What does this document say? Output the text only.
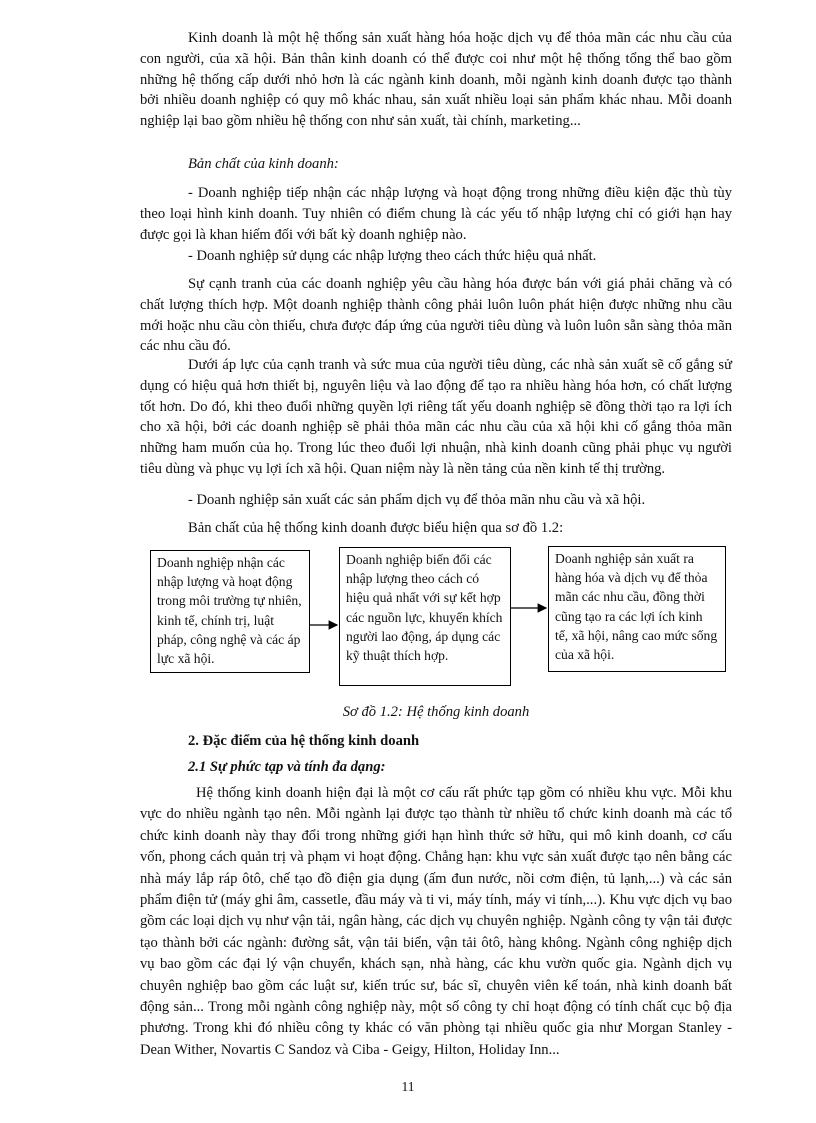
Kinh doanh là một hệ thống sản xuất hàng hóa hoặc dịch vụ để thỏa mãn các nhu cầu của con người, của xã hội. Bản thân kinh doanh có thể được coi như một hệ thống tổng thể bao gồm những hệ thống cấp dưới nhỏ hơn là các ngành kinh doanh, mỗi ngành kinh doanh được tạo thành bởi nhiều doanh nghiệp có quy mô khác nhau, sản xuất nhiều loại sản phẩm khác nhau. Mỗi doanh nghiệp lại bao gồm nhiều hệ thống con như sản xuất, tài chính, marketing...

Bản chất của kinh doanh:

- Doanh nghiệp tiếp nhận các nhập lượng và hoạt động trong những điều kiện đặc thù tùy theo loại hình kinh doanh. Tuy nhiên có điểm chung là các yếu tố nhập lượng chỉ có giới hạn hay được gọi là khan hiếm đối với bất kỳ doanh nghiệp nào.

- Doanh nghiệp sử dụng các nhập lượng theo cách thức hiệu quả nhất.

Sự cạnh tranh của các doanh nghiệp yêu cầu hàng hóa được bán với giá phải chăng và có chất lượng thích hợp. Một doanh nghiệp thành công phải luôn luôn phát hiện được những nhu cầu mới hoặc nhu cầu còn thiếu, chưa được đáp ứng của người tiêu dùng và luôn luôn sẵn sàng thỏa mãn các nhu cầu đó.

Dưới áp lực của cạnh tranh và sức mua của người tiêu dùng, các nhà sản xuất sẽ cố gắng sử dụng có hiệu quả hơn thiết bị, nguyên liệu và lao động để tạo ra nhiều hàng hóa hơn, có chất lượng tốt hơn. Do đó, khi theo đuổi những quyền lợi riêng tất yếu doanh nghiệp sẽ đồng thời tạo ra lợi ích cho xã hội, bởi các doanh nghiệp sẽ phải thỏa mãn các nhu cầu của xã hội khi cố gắng thỏa mãn những ham muốn của họ. Trong lúc theo đuổi lợi nhuận, nhà kinh doanh cũng phải phục vụ người tiêu dùng và phục vụ lợi ích xã hội. Quan niệm này là nền tảng của nền kinh tế thị trường.

- Doanh nghiệp sản xuất các sản phẩm dịch vụ để thỏa mãn nhu cầu và xã hội.

Bản chất của hệ thống kinh doanh được biểu hiện qua sơ đồ 1.2:

Doanh nghiệp nhận các nhập lượng và hoạt động trong môi trường tự nhiên, kinh tế, chính trị, luật pháp, công nghệ và các áp lực xã hội.
Doanh nghiệp biến đổi các nhập lượng theo cách có hiệu quả nhất với sự kết hợp các nguồn lực, khuyến khích người lao động, áp dụng các kỹ thuật thích hợp.
Doanh nghiệp sản xuất ra hàng hóa và dịch vụ để thỏa mãn các nhu cầu, đồng thời cũng tạo ra các lợi ích kinh tế, xã hội, nâng cao mức sống của xã hội.
Sơ đồ 1.2: Hệ thống kinh doanh

2. Đặc điểm của hệ thống kinh doanh

2.1 Sự phức tạp và tính đa dạng:

Hệ thống kinh doanh hiện đại là một cơ cấu rất phức tạp gồm có nhiều khu vực. Mỗi khu vực do nhiều ngành tạo nên. Mỗi ngành lại được tạo thành từ nhiều tổ chức kinh doanh mà các tổ chức kinh doanh này thay đổi trong những giới hạn hình thức sở hữu, qui mô kinh doanh, cơ cấu vốn, phong cách quản trị và phạm vi hoạt động. Chẳng hạn: khu vực sản xuất được tạo nên bằng các nhà máy lắp ráp ôtô, chế tạo đồ điện gia dụng (ấm đun nước, nồi cơm điện, tủ lạnh,...) và các sản phẩm điện tử (máy ghi âm, cassetle, đầu máy và ti vi, máy tính, máy vi tính,...). Khu vực dịch vụ bao gồm các loại dịch vụ như vận tải, ngân hàng, các dịch vụ chuyên nghiệp. Ngành công ty vận tải được tạo thành bởi các ngành: đường sắt, vận tải biển, vận tải ôtô, hàng không. Ngành công nghiệp dịch vụ bao gồm các đại lý vận chuyển, khách sạn, nhà hàng, các khu vườn quốc gia. Ngành dịch vụ chuyên nghiệp bao gồm các luật sư, kiến trúc sư, bác sĩ, chuyên viên kế toán, nhà kinh doanh bất động sản... Trong mỗi ngành công nghiệp này, một số công ty chỉ hoạt động có tính chất cục bộ địa phương. Trong khi đó nhiều công ty khác có văn phòng tại nhiều quốc gia như Morgan Stanley - Dean Wither, Novartis C Sandoz và Ciba - Geigy, Hilton, Holiday Inn...

11
